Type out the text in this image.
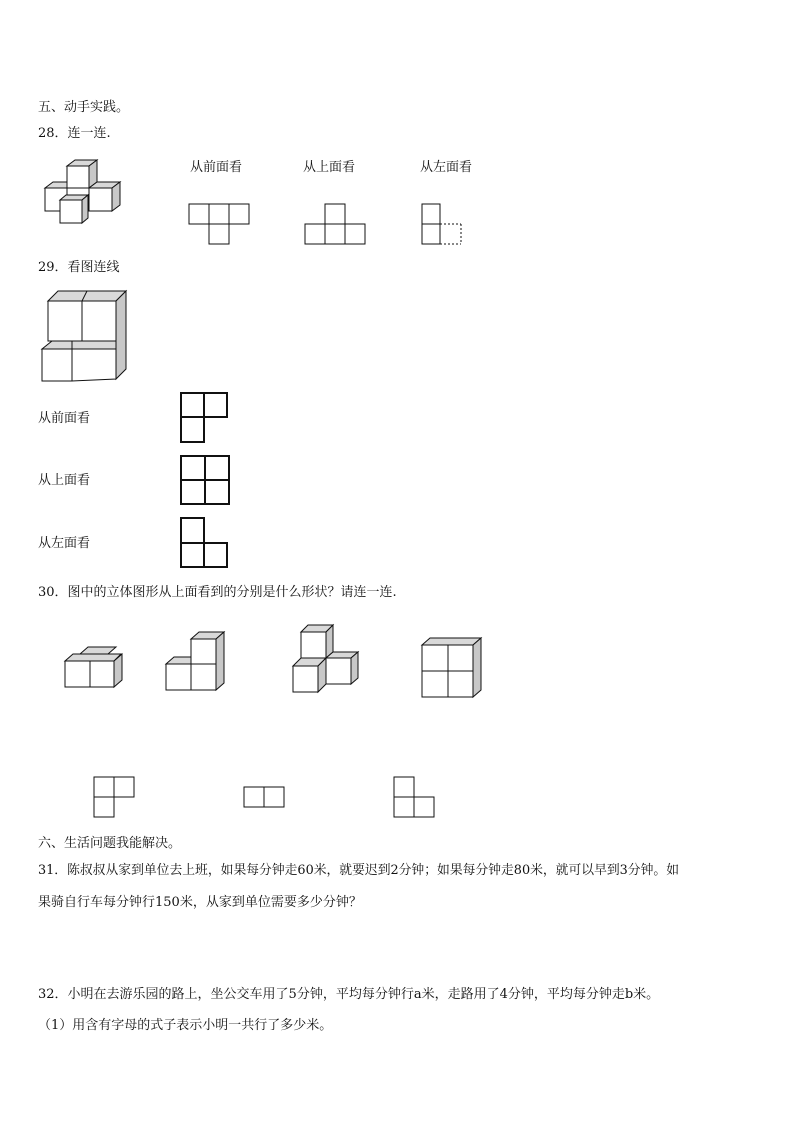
五、动手实践。
28．连一连.
从前面看	从上面看	从左面看
29．看图连线
从前面看
从上面看
从左面看
30．图中的立体图形从上面看到的分别是什么形状？请连一连.
六、生活问题我能解决。
31．陈叔叔从家到单位去上班，如果每分钟走60米，就要迟到2分钟；如果每分钟走80米，就可以早到3分钟。如
果骑自行车每分钟行150米，从家到单位需要多少分钟？
32．小明在去游乐园的路上，坐公交车用了5分钟，平均每分钟行a米，走路用了4分钟，平均每分钟走b米。
（1）用含有字母的式子表示小明一共行了多少米。
